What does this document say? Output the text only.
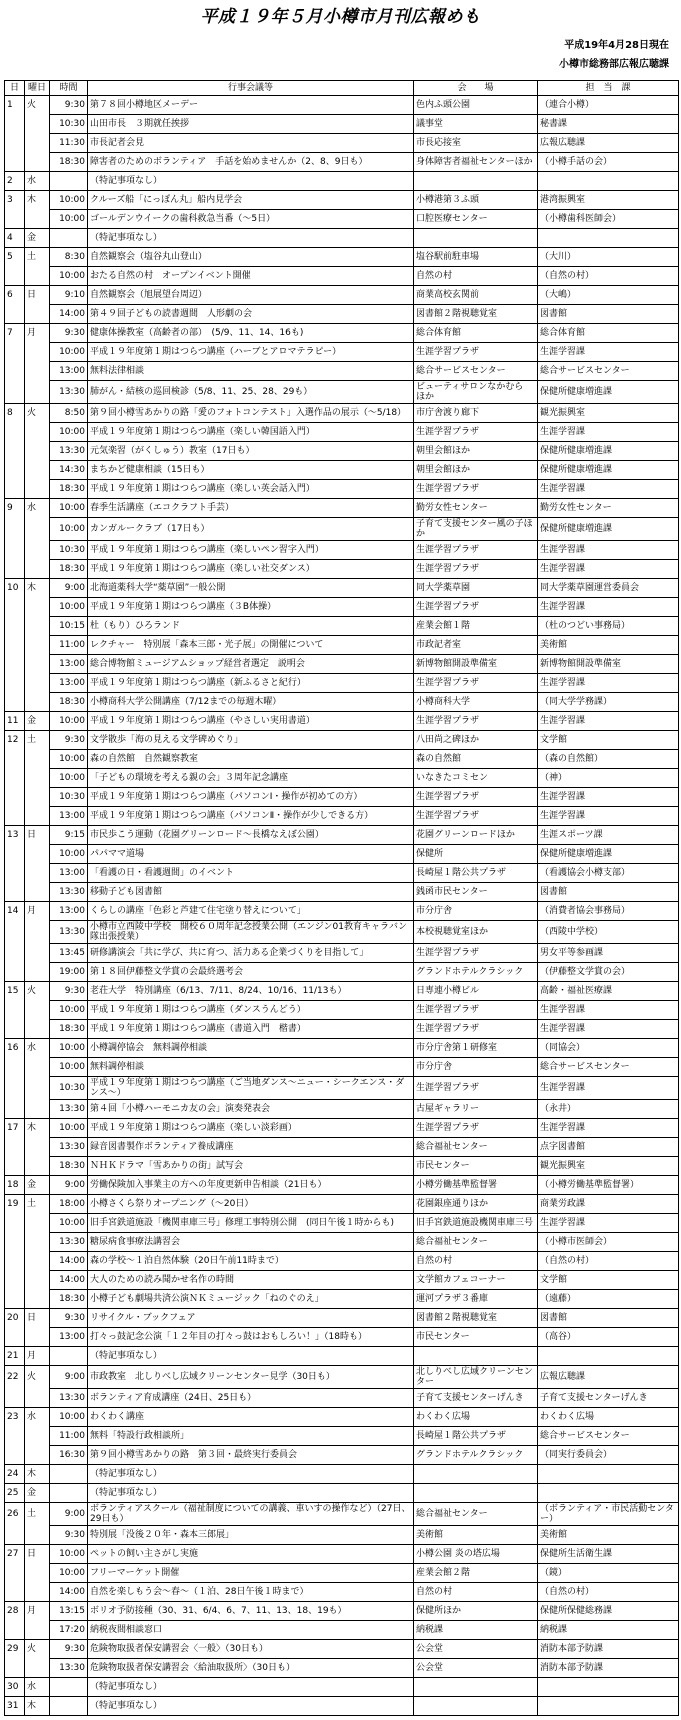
平成１９年５月小樽市月刊広報めも
平成19年4月28日現在
小樽市総務部広報広聴課
日	曜日	時間	行事会議等	会　　場	担　当　課
1	火	9:30	第７８回小樽地区メーデー	色内ふ頭公園	（連合小樽）
		10:30	山田市長　３期就任挨拶	議事堂	秘書課
		11:30	市長記者会見	市長応接室	広報広聴課
		18:30	障害者のためのボランティア　手話を始めませんか（2、8、9日も）	身体障害者福祉センターほか	（小樽手話の会）
2	水		（特記事項なし）		
3	木	10:00	クルーズ船「にっぽん丸」船内見学会	小樽港第３ふ頭	港湾振興室
		10:00	ゴールデンウイークの歯科救急当番（～5日）	口腔医療センター	（小樽歯科医師会）
4	金		（特記事項なし）		
5	土	8:30	自然観察会（塩谷丸山登山）	塩谷駅前駐車場	（大川）
		10:00	おたる自然の村　オープンイベント開催	自然の村	（自然の村）
6	日	9:10	自然観察会（旭展望台周辺）	商業高校玄関前	（大嶋）
		14:00	第４９回子どもの読書週間　人形劇の会	図書館２階視聴覚室	図書館
7	月	9:30	健康体操教室（高齢者の部）　(5/9、11、14、16も)	総合体育館	総合体育館
		10:00	平成１９年度第１期はつらつ講座（ハーブとアロマテラピー）	生涯学習プラザ	生涯学習課
		13:00	無料法律相談	総合サービスセンター	総合サービスセンター
		13:30	肺がん・結核の巡回検診（5/8、11、25、28、29も）	ビューティサロンなかむら ほか	保健所健康増進課
8	火	8:50	第９回小樽雪あかりの路「愛のフォトコンテスト」入選作品の展示（～5/18）	市庁舎渡り廊下	観光振興室
		10:00	平成１９年度第１期はつらつ講座（楽しい韓国語入門）	生涯学習プラザ	生涯学習課
		13:30	元気楽習（がくしゅう）教室（17日も）	朝里会館ほか	保健所健康増進課
		14:30	まちかど健康相談（15日も）	朝里会館ほか	保健所健康増進課
		18:30	平成１９年度第１期はつらつ講座（楽しい英会話入門）	生涯学習プラザ	生涯学習課
9	水	10:00	春季生活講座（エコクラフト手芸）	勤労女性センター	勤労女性センター
		10:00	カンガルークラブ（17日も）	子育て支援センター風の子ほか	保健所健康増進課
		10:30	平成１９年度第１期はつらつ講座（楽しいペン習字入門）	生涯学習プラザ	生涯学習課
		18:30	平成１９年度第１期はつらつ講座（楽しい社交ダンス）	生涯学習プラザ	生涯学習課
10	木	9:00	北海道薬科大学“薬草園”一般公開	同大学薬草園	同大学薬草園運営委員会
		10:00	平成１９年度第１期はつらつ講座（３B体操）	生涯学習プラザ	生涯学習課
		10:15	杜（もり）ひろランド	産業会館１階	（杜のつどい事務局）
		11:00	レクチャー　特別展「森本三郎・光子展」の開催について	市政記者室	美術館
		13:00	総合博物館ミュージアムショップ経営者選定　説明会	新博物館開設準備室	新博物館開設準備室
		13:00	平成１９年度第１期はつらつ講座（新ふるさと紀行）	生涯学習プラザ	生涯学習課
		18:30	小樽商科大学公開講座（7/12までの毎週木曜）	小樽商科大学	（同大学学務課）
11	金	10:00	平成１９年度第１期はつらつ講座（やさしい実用書道）	生涯学習プラザ	生涯学習課
12	土	9:30	文学散歩「海の見える文学碑めぐり」	八田尚之碑ほか	文学館
		10:00	森の自然館　自然観察教室	森の自然館	（森の自然館）
		10:00	「子どもの環境を考える親の会」３周年記念講座	いなきたコミセン	（神）
		10:30	平成１９年度第１期はつらつ講座（パソコンⅠ・操作が初めての方）	生涯学習プラザ	生涯学習課
		13:00	平成１９年度第１期はつらつ講座（パソコンⅡ・操作が少しできる方）	生涯学習プラザ	生涯学習課
13	日	9:15	市民歩こう運動（花園グリーンロード～長橋なえぼ公園）	花園グリーンロードほか	生涯スポーツ課
		10:00	パパママ道場	保健所	保健所健康増進課
		13:00	「看護の日・看護週間」のイベント	長崎屋１階公共プラザ	（看護協会小樽支部）
		13:30	移動子ども図書館	銭函市民センター	図書館
14	月	13:00	くらしの講座「色彩と芦建て住宅塗り替えについて」	市分庁舎	（消費者協会事務局）
		13:30	小樽市立西陵中学校　開校６０周年記念授業公開（エンジン01教育キャラバン隊出張授業）	本校視聴覚室ほか	（西陵中学校）
		13:45	研修講演会「共に学び、共に育つ、活力ある企業づくりを目指して」	生涯学習プラザ	男女平等参画課
		19:00	第１８回伊藤整文学賞の会最終選考会	グランドホテルクラシック	（伊藤整文学賞の会）
15	火	9:30	老荘大学　特別講座（6/13、7/11、8/24、10/16、11/13も）	日専連小樽ビル	高齢・福祉医療課
		10:00	平成１９年度第１期はつらつ講座（ダンスうんどう）	生涯学習プラザ	生涯学習課
		18:30	平成１９年度第１期はつらつ講座（書道入門　楷書）	生涯学習プラザ	生涯学習課
16	水	10:00	小樽調停協会　無料調停相談	市分庁舎第１研修室	（同協会）
		10:00	無料調停相談	市分庁舎	総合サービスセンター
		10:30	平成１９年度第１期はつらつ講座（ご当地ダンス～ニュー・シークエンス・ダンス～）	生涯学習プラザ	生涯学習課
		13:30	第４回「小樽ハーモニカ友の会」演奏発表会	古屋ギャラリー	（永井）
17	木	10:00	平成１９年度第１期はつらつ講座（楽しい淡彩画）	生涯学習プラザ	生涯学習課
		13:30	録音図書製作ボランティア養成講座	総合福祉センター	点字図書館
		18:30	ＮＨＫドラマ「雪あかりの街」試写会	市民センター	観光振興室
18	金	9:00	労働保険加入事業主の方への年度更新申告相談（21日も）	小樽労働基準監督署	（小樽労働基準監督署）
19	土	18:00	小樽さくら祭りオープニング（～20日）	花園銀座通りほか	商業労政課
		10:00	旧手宮鉄道施設「機関車庫三号」修理工事特別公開　(同日午後１時からも)	旧手宮鉄道施設機関車庫三号	生涯学習課
		13:30	糖尿病食事療法講習会	総合福祉センター	（小樽市医師会）
		14:00	森の学校～１泊自然体験（20日午前11時まで）	自然の村	（自然の村）
		14:00	大人のための読み聞かせ名作の時間	文学館カフェコーナー	文学館
		18:30	小樽子ども劇場共済公演ＮＫミュージック「ねのぐのえ」	運河プラザ３番庫	（遠藤）
20	日	9:30	リサイクル・ブックフェア	図書館２階視聴覚室	図書館
		13:00	打々っ鼓記念公演「１２年目の打々っ鼓はおもしろい！」（18時も）	市民センター	（高谷）
21	月		（特記事項なし）		
22	火	9:00	市政教室　北しりべし広域クリーンセンター見学（30日も）	北しりべし広域クリーンセンター	広報広聴課
		13:30	ボランティア育成講座（24日、25日も）	子育て支援センターげんき	子育て支援センターげんき
23	水	10:00	わくわく講座	わくわく広場	わくわく広場
		11:00	無料「特設行政相談所」	長崎屋１階公共プラザ	総合サービスセンター
		16:30	第９回小樽雪あかりの路　第３回・最終実行委員会	グランドホテルクラシック	（同実行委員会）
24	木		（特記事項なし）		
25	金		（特記事項なし）		
26	土	9:00	ボランティアスクール（福祉制度についての講義、車いすの操作など）（27日、29日も）	総合福祉センター	（ボランティア・市民活動センター）
		9:30	特別展「没後２０年・森本三郎展」	美術館	美術館
27	日	10:00	ペットの飼い主さがし実施	小樽公園 炎の塔広場	保健所生活衛生課
		10:00	フリーマーケット開催	産業会館２階	（鏡）
		14:00	自然を楽しもう会～春～（１泊、28日午後１時まで）	自然の村	（自然の村）
28	月	13:15	ボリオ予防接種（30、31、6/4、6、7、11、13、18、19も）	保健所ほか	保健所保健総務課
		17:20	納税夜間相談窓口	納税課	納税課
29	火	9:30	危険物取扱者保安講習会〈一般〉（30日も）	公会堂	消防本部予防課
		13:30	危険物取扱者保安講習会〈給油取扱所〉（30日も）	公会堂	消防本部予防課
30	水		（特記事項なし）		
31	木		（特記事項なし）		
